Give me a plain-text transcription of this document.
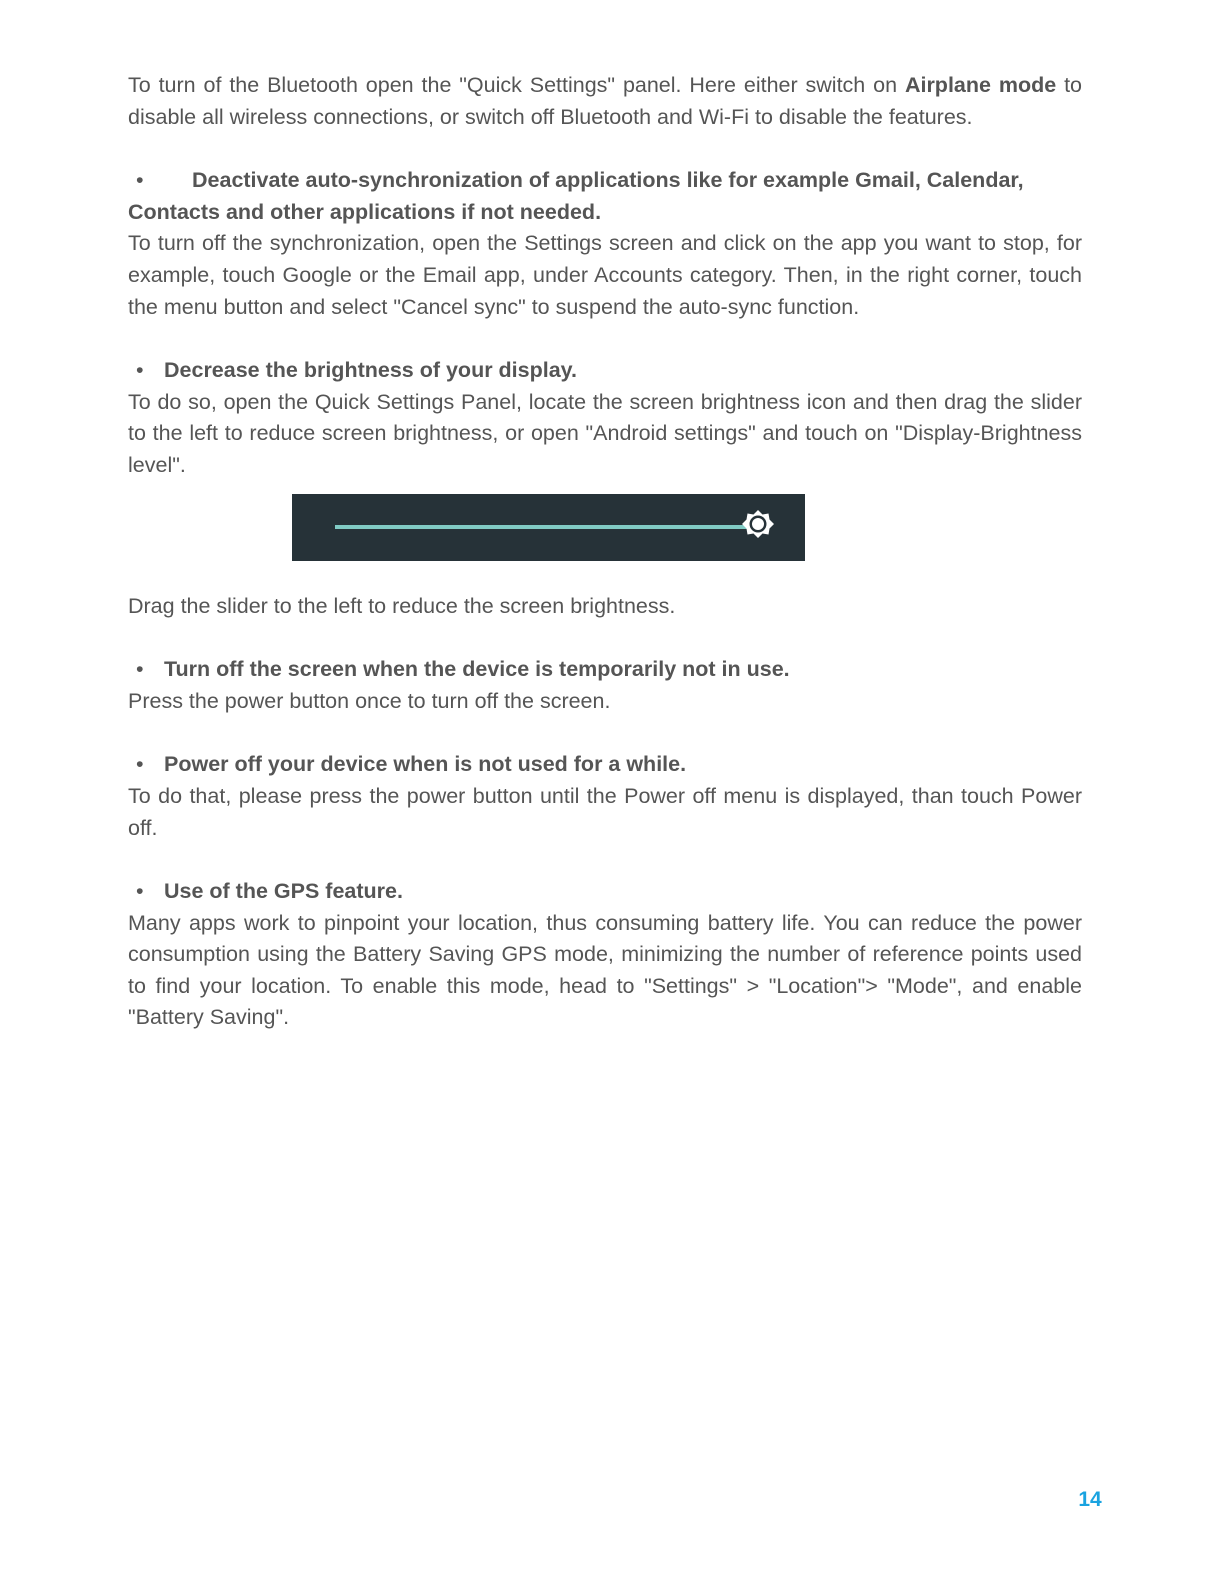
To turn of the Bluetooth open the "Quick Settings" panel. Here either switch on Airplane mode to disable all wireless connections, or switch off Bluetooth and Wi-Fi to disable the features.

• Deactivate auto-synchronization of applications like for example Gmail, Calendar,

Contacts and other applications if not needed.

To turn off the synchronization, open the Settings screen and click on the app you want to stop, for example, touch Google or the Email app, under Accounts category. Then, in the right corner, touch the menu button and select "Cancel sync" to suspend the auto-sync function.

• Decrease the brightness of your display.

To do so, open the Quick Settings Panel, locate the screen brightness icon and then drag the slider to the left to reduce screen brightness, or open "Android settings" and touch on "Display-Brightness level".

Drag the slider to the left to reduce the screen brightness.

• Turn off the screen when the device is temporarily not in use.

Press the power button once to turn off the screen.

• Power off your device when is not used for a while.

To do that, please press the power button until the Power off menu is displayed, than touch Power off.

• Use of the GPS feature.

Many apps work to pinpoint your location, thus consuming battery life. You can reduce the power consumption using the Battery Saving GPS mode, minimizing the number of reference points used to find your location. To enable this mode, head to "Settings" > "Location"> "Mode", and enable "Battery Saving".

14
